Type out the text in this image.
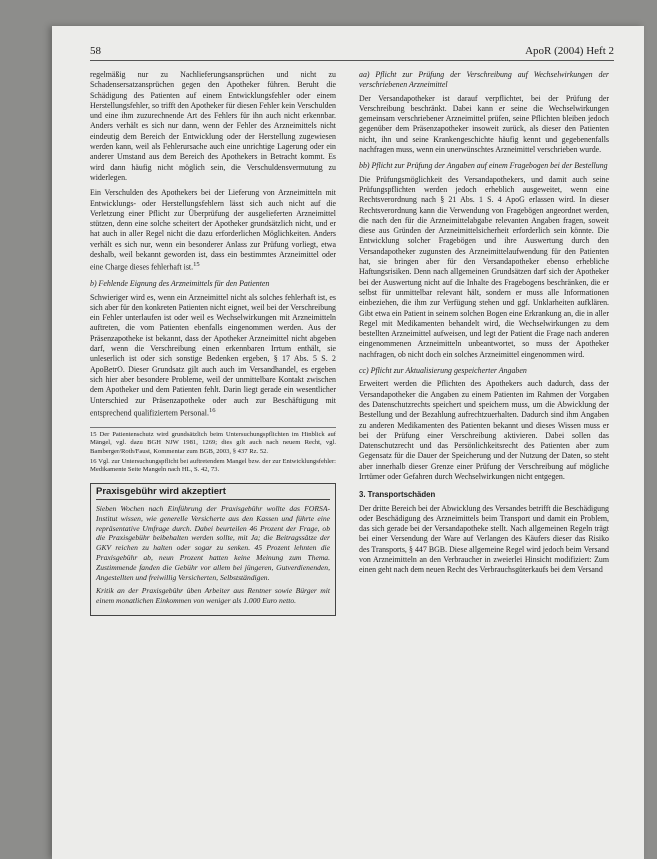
58	ApoR (2004) Heft 2

regelmäßig nur zu Nachlieferungsansprüchen und nicht zu Schadensersatzansprüchen gegen den Apotheker führen. Beruht die Schädigung des Patienten auf einem Entwicklungsfehler oder einem Herstellungsfehler, so trifft den Apotheker für diesen Fehler kein Verschulden und eine ihm zuzurechnende Art des Fehlers für ihn auch nicht erkennbar. Anders verhält es sich nur dann, wenn der Fehler des Arzneimittels nicht eindeutig dem Bereich der Entwicklung oder der Herstellung zugewiesen werden kann, weil als Fehlerursache auch eine unrichtige Lagerung oder ein anderer Umstand aus dem Bereich des Apothekers in Betracht kommt. Es wird dann häufig nicht möglich sein, die Verschuldensvermutung zu widerlegen.

Ein Verschulden des Apothekers bei der Lieferung von Arzneimitteln mit Entwicklungs- oder Herstellungsfehlern lässt sich auch nicht auf die Verletzung einer Pflicht zur Überprüfung der ausgelieferten Arzneimittel stützen, denn eine solche scheitert der Apotheker grundsätzlich nicht, und er hat auch in aller Regel nicht die dazu erforderlichen Möglichkeiten. Anders verhält es sich nur, wenn ein besonderer Anlass zur Prüfung vorliegt, etwa deshalb, weil bekannt geworden ist, dass ein bestimmtes Arzneimittel oder eine Charge dieses fehlerhaft ist.$^{15}$

b) Fehlende Eignung des Arzneimittels für den Patienten

Schwieriger wird es, wenn ein Arzneimittel nicht als solches fehlerhaft ist, es sich aber für den konkreten Patienten nicht eignet, weil bei der Verschreibung ein Fehler unterlaufen ist oder weil es Wechselwirkungen mit Arzneimitteln auftreten, die vom Patienten ebenfalls eingenommen werden. Aus der Präsenzapotheke ist bekannt, dass der Apotheker Arzneimittel nicht abgeben darf, wenn die Verschreibung einen erkennbaren Irrtum enthält, sie unleserlich ist oder sich sonstige Bedenken ergeben, § 17 Abs. 5 S. 2 ApoBetrO. Dieser Grundsatz gilt auch auch im Versandhandel, es ergeben sich hier aber besondere Probleme, weil der unmittelbare Kontakt zwischen dem Apotheker und dem Patienten fehlt. Darin liegt gerade ein wesentlicher Unterschied zur Präsenzapotheke oder auch zur Beschäftigung mit entsprechend qualifiziertem Personal.$^{16}$

15 Der Patientenschutz wird grundsätzlich beim Untersuchungspflichten im Hinblick auf Mängel, vgl. dazu BGH NJW 1981, 1269; dies gilt auch nach neuem Recht, vgl. Bamberger/Roth/Faust, Kommentar zum BGB, 2003, § 437 Rz. 52.

16 Vgl. zur Untersuchungspflicht bei auftretendem Mangel bzw. der zur Entwicklungsfehler: Medikamente Seite Mangeln nach HL, S. 42, 73.

Praxisgebühr wird akzeptiert

Sieben Wochen nach Einführung der Praxisgebühr wollte das FORSA-Institut wissen, wie generelle Versicherte aus den Kassen und führte eine repräsentative Umfrage durch. Dabei beurteilen 46 Prozent der Frage, ob die Praxisgebühr beibehalten werden sollte, mit Ja; die Beitragssätze der GKV reichen zu halten oder sogar zu senken. 45 Prozent lehnten die Praxisgebühr ab, neun Prozent hatten keine Meinung zum Thema. Zustimmende fanden die Gebühr vor allem bei jüngeren, Gutverdienenden, Angestellten und freiwillig Versicherten, Selbstständigen.

Kritik an der Praxisgebühr üben Arbeiter aus Rentner sowie Bürger mit einem monatlichen Einkommen von weniger als 1.000 Euro netto.

aa) Pflicht zur Prüfung der Verschreibung auf Wechselwirkungen der verschriebenen Arzneimittel

Der Versandapotheker ist darauf verpflichtet, bei der Prüfung der Verschreibung beschränkt. Dabei kann er seine die Wechselwirkungen gemeinsam verschriebener Arzneimittel prüfen, seine Pflichten bleiben jedoch gegenüber dem Präsenzapotheker insoweit zurück, als dieser den Patienten nicht, ihn und seine Krankengeschichte häufig kennt und gegebenenfalls nachfragen muss, wenn ein unerwünschtes Arzneimittel verschrieben wurde.

bb) Pflicht zur Prüfung der Angaben auf einem Fragebogen bei der Bestellung

Die Prüfungsmöglichkeit des Versandapothekers, und damit auch seine Prüfungspflichten werden jedoch erheblich ausgeweitet, wenn eine Rechtsverordnung nach § 21 Abs. 1 S. 4 ApoG erlassen wird. In dieser Rechtsverordnung kann die Verwendung von Fragebögen angeordnet werden, die nach den für die Arzneimittelabgabe relevanten Angaben fragen, soweit diese aus Gründen der Arzneimittelsicherheit erforderlich sein könnte. Die Entwicklung solcher Fragebögen und ihre Auswertung durch den Versandapotheker zugunsten des Arzneimittelaufwendung für den Patienten hat, sie bringen aber für den Versandapotheker ebenso erhebliche Haftungsrisiken. Denn nach allgemeinen Grundsätzen darf sich der Apotheker bei der Auswertung nicht auf die Inhalte des Fragebogens beschränken, die er selbst für unmittelbar relevant hält, sondern er muss alle Informationen einbeziehen, die ihm zur Verfügung stehen und ggf. Unklarheiten aufklären. Gibt etwa ein Patient in seinem solchen Bogen eine Erkrankung an, die in aller Regel mit Medikamenten behandelt wird, die Wechselwirkungen zu dem bestellten Arzneimittel aufweisen, und legt der Patient die Frage nach anderen eingenommenen Arzneimitteln unbeantwortet, so muss der Apotheker nachfragen, ob nicht doch ein solches Arzneimittel eingenommen wird.

cc) Pflicht zur Aktualisierung gespeicherter Angaben

Erweitert werden die Pflichten des Apothekers auch dadurch, dass der Versandapotheker die Angaben zu einem Patienten im Rahmen der Vorgaben des Datenschutzrechts speichert und speichern muss, um die Abwicklung der Bestellung und der Bezahlung aufrechtzuerhalten. Dadurch sind ihm Angaben zu anderen Medikamenten des Patienten bekannt und dieses Wissen muss er bei der Prüfung einer Verschreibung aktivieren. Dabei sollen das Datenschutzrecht und das Persönlichkeitsrecht des Patienten aber zum Gegensatz für die Dauer der Speicherung und der Nutzung der Daten, so steht aber innerhalb dieser Grenze einer Prüfung der Verschreibung auf mögliche Irrtümer oder Gefahren durch Wechselwirkungen nicht entgegen.

3. Transportschäden

Der dritte Bereich bei der Abwicklung des Versandes betrifft die Beschädigung oder Beschädigung des Arzneimittels beim Transport und damit ein Problem, das sich gerade bei der Versandapotheke stellt. Nach allgemeinen Regeln trägt bei einer Versendung der Ware auf Verlangen des Käufers dieser das Risiko des Transports, § 447 BGB. Diese allgemeine Regel wird jedoch beim Versand von Arzneimitteln an den Verbraucher in zweierlei Hinsicht modifiziert: Zum einen geht nach dem neuen Recht des Verbrauchsgüterkaufs bei dem Versand
